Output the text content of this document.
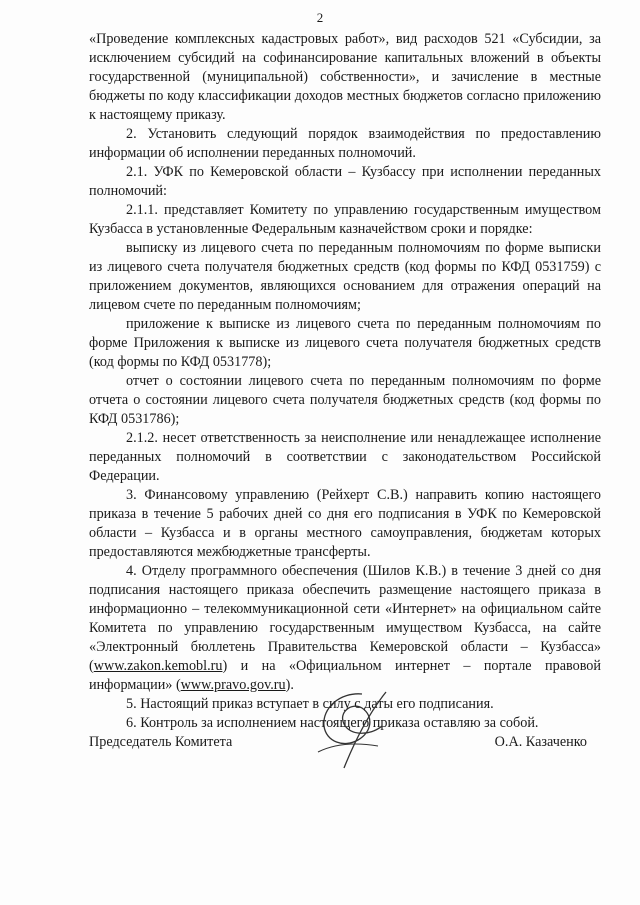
2

«Проведение комплексных кадастровых работ», вид расходов 521 «Субсидии, за исключением субсидий на софинансирование капитальных вложений в объекты государственной (муниципальной) собственности», и зачисление в местные бюджеты по коду классификации доходов местных бюджетов согласно приложению к настоящему приказу.

2. Установить следующий порядок взаимодействия по предоставлению информации об исполнении переданных полномочий.

2.1. УФК по Кемеровской области – Кузбассу при исполнении переданных полномочий:

2.1.1. представляет Комитету по управлению государственным имуществом Кузбасса в установленные Федеральным казначейством сроки и порядке:

выписку из лицевого счета по переданным полномочиям по форме выписки из лицевого счета получателя бюджетных средств (код формы по КФД 0531759) с приложением документов, являющихся основанием для отражения операций на лицевом счете по переданным полномочиям;

приложение к выписке из лицевого счета по переданным полномочиям по форме Приложения к выписке из лицевого счета получателя бюджетных средств (код формы по КФД 0531778);

отчет о состоянии лицевого счета по переданным полномочиям по форме отчета о состоянии лицевого счета получателя бюджетных средств (код формы по КФД 0531786);

2.1.2. несет ответственность за неисполнение или ненадлежащее исполнение переданных полномочий в соответствии с законодательством Российской Федерации.

3. Финансовому управлению (Рейхерт С.В.) направить копию настоящего приказа в течение 5 рабочих дней со дня его подписания в УФК по Кемеровской области – Кузбасса и в органы местного самоуправления, бюджетам которых предоставляются межбюджетные трансферты.

4. Отделу программного обеспечения (Шилов К.В.) в течение 3 дней со дня подписания настоящего приказа обеспечить размещение настоящего приказа в информационно – телекоммуникационной сети «Интернет» на официальном сайте Комитета по управлению государственным имуществом Кузбасса, на сайте «Электронный бюллетень Правительства Кемеровской области – Кузбасса» (www.zakon.kemobl.ru) и на «Официальном интернет – портале правовой информации» (www.pravo.gov.ru).

5. Настоящий приказ вступает в силу с даты его подписания.

6. Контроль за исполнением настоящего приказа оставляю за собой.

Председатель Комитета	О.А. Казаченко
